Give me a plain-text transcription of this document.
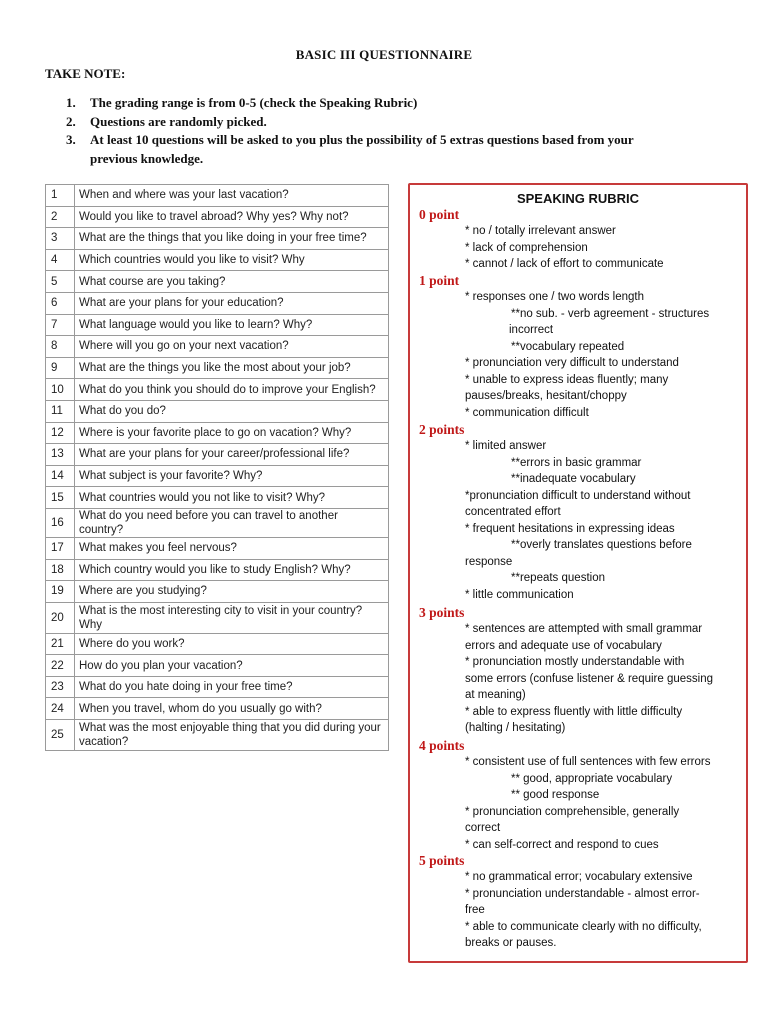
BASIC III QUESTIONNAIRE
TAKE NOTE:
1. The grading range is from 0-5 (check the Speaking Rubric)
2. Questions are randomly picked.
3. At least 10 questions will be asked to you plus the possibility of 5 extras questions based from your
previous knowledge.
1	When and where was your last vacation?
2	Would you like to travel abroad? Why yes? Why not?
3	What are the things that you like doing in your free time?
4	Which countries would you like to visit? Why
5	What course are you taking?
6	What are your plans for your education?
7	What language would you like to learn? Why?
8	Where will you go on your next vacation?
9	What are the things you like the most about your job?
10	What do you think you should do to improve your English?
11	What do you do?
12	Where is your favorite place to go on vacation? Why?
13	What are your plans for your career/professional life?
14	What subject is your favorite? Why?
15	What countries would you not like to visit? Why?
16	What do you need before you can travel to another country?
17	What makes you feel nervous?
18	Which country would you like to study English? Why?
19	Where are you studying?
20	What is the most interesting city to visit in your country?
Why
21	Where do you work?
22	How do you plan your vacation?
23	What do you hate doing in your free time?
24	When you travel, whom do you usually go with?
25	What was the most enjoyable thing that you did during your
vacation?
SPEAKING RUBRIC
0 point
* no / totally irrelevant answer
* lack of comprehension
* cannot / lack of effort to communicate
1 point
* responses one / two words length
**no sub. - verb agreement - structures
incorrect
**vocabulary repeated
* pronunciation very difficult to understand
* unable to express ideas fluently; many
pauses/breaks, hesitant/choppy
* communication difficult
2 points
* limited answer
**errors in basic grammar
**inadequate vocabulary
*pronunciation difficult to understand without
concentrated effort
* frequent hesitations in expressing ideas
**overly translates questions before
response
**repeats question
* little communication
3 points
* sentences are attempted with small grammar
errors and adequate use of vocabulary
* pronunciation mostly understandable with
some errors (confuse listener & require guessing
at meaning)
* able to express fluently with little difficulty
(halting / hesitating)
4 points
* consistent use of full sentences with few errors
** good, appropriate vocabulary
** good response
* pronunciation comprehensible, generally
correct
* can self-correct and respond to cues
5 points
* no grammatical error; vocabulary extensive
* pronunciation understandable - almost error-
free
* able to communicate clearly with no difficulty,
breaks or pauses.
